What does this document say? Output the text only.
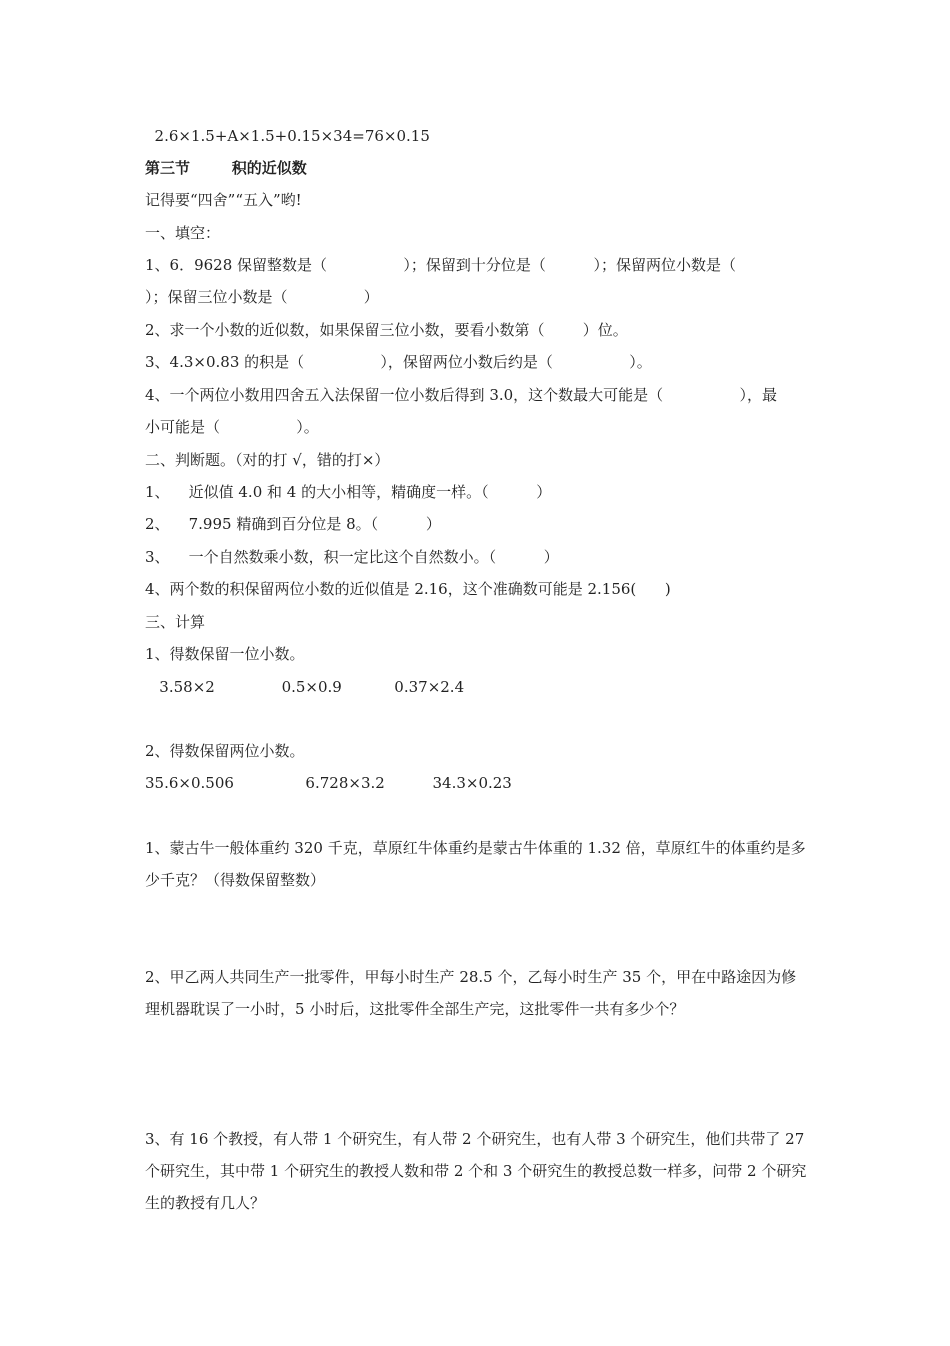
2.6×1.5+A×1.5+0.15×34=76×0.15
第三节        积的近似数
记得要“四舍”“五入”哟!
一、填空：
1、6．9628 保留整数是（                ）；保留到十分位是（          ）；保留两位小数是（
）；保留三位小数是（                ）
2、求一个小数的近似数，如果保留三位小数，要看小数第（        ）位。
3、4.3×0.83 的积是（                ），保留两位小数后约是（                ）。
4、一个两位小数用四舍五入法保留一位小数后得到 3.0，这个数最大可能是（                ），最
小可能是（                ）。
二、判断题。（对的打 √，错的打×）
1、    近似值 4.0 和 4 的大小相等，精确度一样。（          ）
2、    7.995 精确到百分位是 8。（          ）
3、    一个自然数乘小数，积一定比这个自然数小。（          ）
4、两个数的积保留两位小数的近似值是 2.16，这个准确数可能是 2.156(      )
三、计算
1、得数保留一位小数。
3.58×2              0.5×0.9           0.37×2.4
2、得数保留两位小数。
35.6×0.506               6.728×3.2          34.3×0.23
1、蒙古牛一般体重约 320 千克，草原红牛体重约是蒙古牛体重的 1.32 倍，草原红牛的体重约是多少千克？（得数保留整数）
2、甲乙两人共同生产一批零件，甲每小时生产 28.5 个，乙每小时生产 35 个，甲在中路途因为修理机器耽误了一小时，5 小时后，这批零件全部生产完，这批零件一共有多少个？
3、有 16 个教授，有人带 1 个研究生，有人带 2 个研究生，也有人带 3 个研究生，他们共带了 27 个研究生，其中带 1 个研究生的教授人数和带 2 个和 3 个研究生的教授总数一样多，问带 2 个研究生的教授有几人？
